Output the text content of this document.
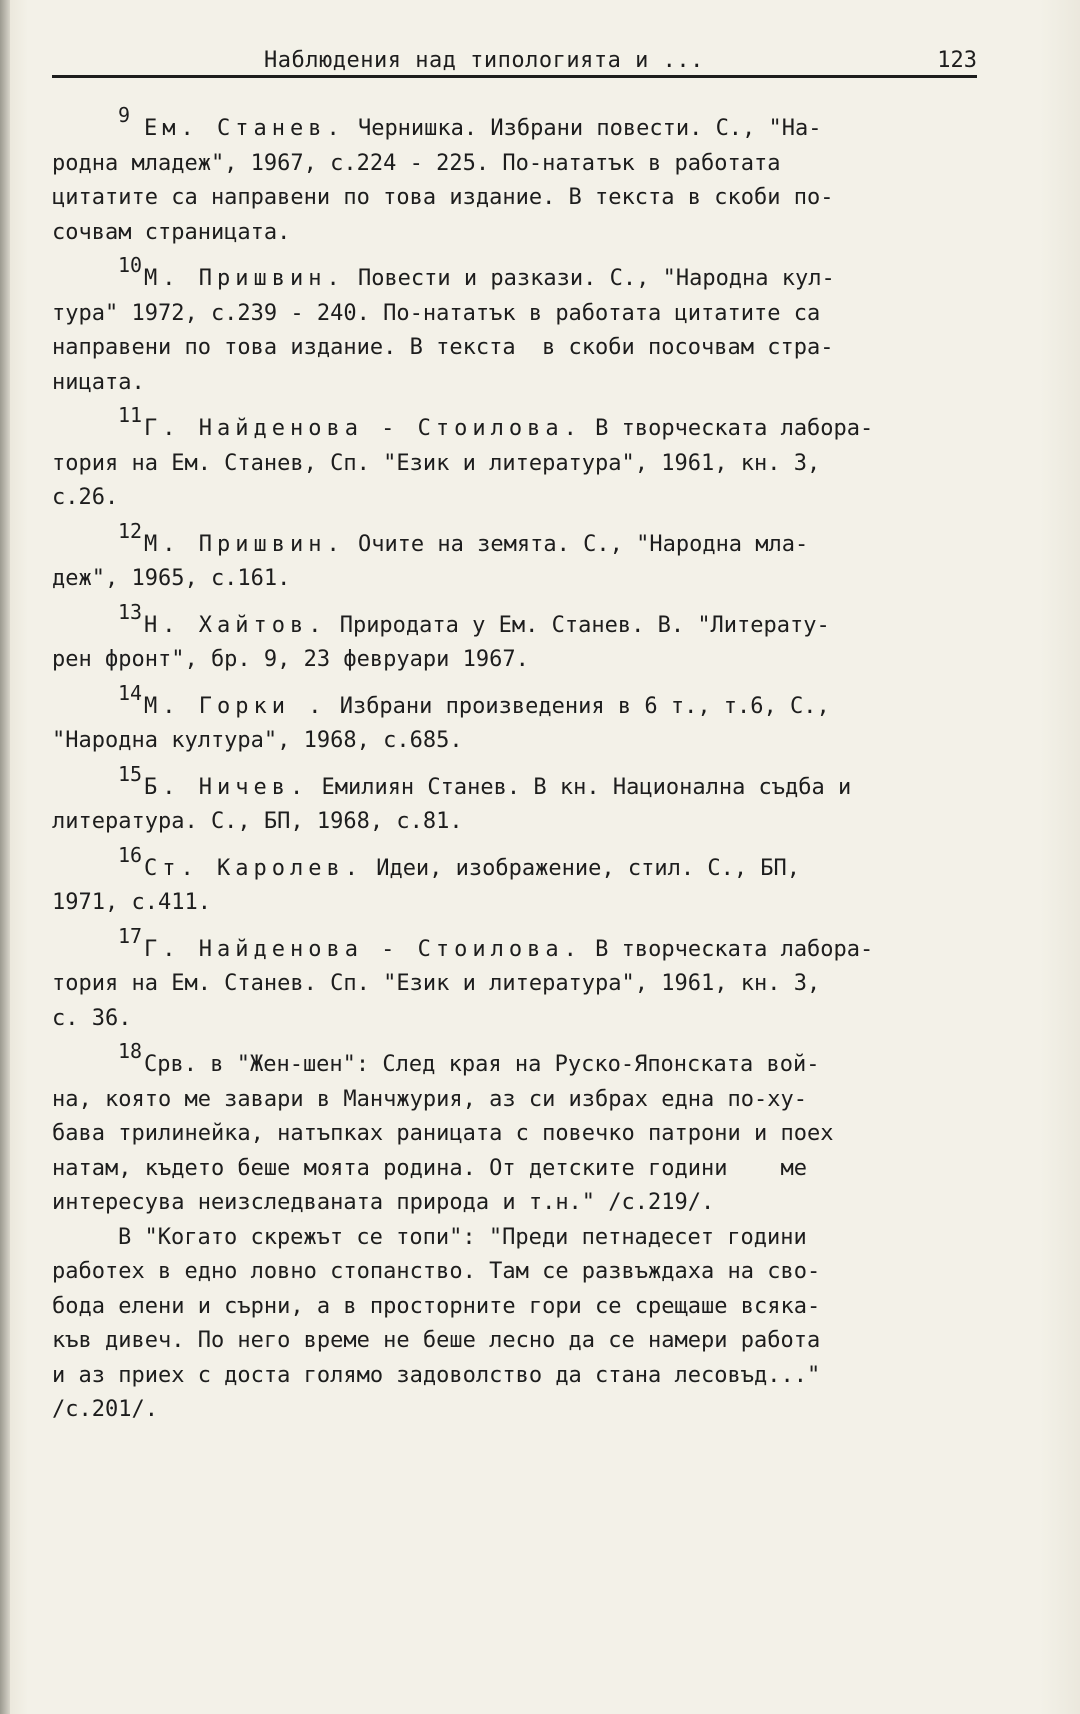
Наблюдения над типологията и ...	123

9
Ем. Станев. Чернишка. Избрани повести. С., "На-

родна младеж", 1967, с.224 - 225. По-нататък в работата

цитатите са направени по това издание. В текста в скоби по-

сочвам страницата.

10
М. Пришвин. Повести и разкази. С., "Народна кул-

тура" 1972, с.239 - 240. По-нататък в работата цитатите са

направени по това издание. В текста  в скоби посочвам стра-

ницата.

11
Г. Найденова - Стоилова. В творческата лабора-

тория на Ем. Станев, Сп. "Език и литература", 1961, кн. 3,

с.26.

12
М. Пришвин. Очите на земята. С., "Народна мла-

деж", 1965, с.161.

13
Н. Хайтов. Природата у Ем. Станев. В. "Литерату-

рен фронт", бр. 9, 23 февруари 1967.

14
М. Горки . Избрани произведения в 6 т., т.6, С.,

"Народна култура", 1968, с.685.

15
Б. Ничев. Емилиян Станев. В кн. Национална съдба и

литература. С., БП, 1968, с.81.

16
Ст. Каролев. Идеи, изображение, стил. С., БП,

1971, с.411.

17
Г. Найденова - Стоилова. В творческата лабора-

тория на Ем. Станев. Сп. "Език и литература", 1961, кн. 3,

с. 36.

18
Срв. в "Жен-шен": След края на Руско-Японската вой-

на, която ме завари в Манчжурия, аз си избрах една по-ху-

бава трилинейка, натъпках раницата с повечко патрони и поех

натам, където беше моята родина. От детските години    ме

интересува неизследваната природа и т.н." /с.219/.

В "Когато скрежът се топи": "Преди петнадесет години

работех в едно ловно стопанство. Там се развъждаха на сво-

бода елени и сърни, а в просторните гори се срещаше всяка-

къв дивеч. По него време не беше лесно да се намери работа

и аз приех с доста голямо задоволство да стана лесовъд..."

/с.201/.
